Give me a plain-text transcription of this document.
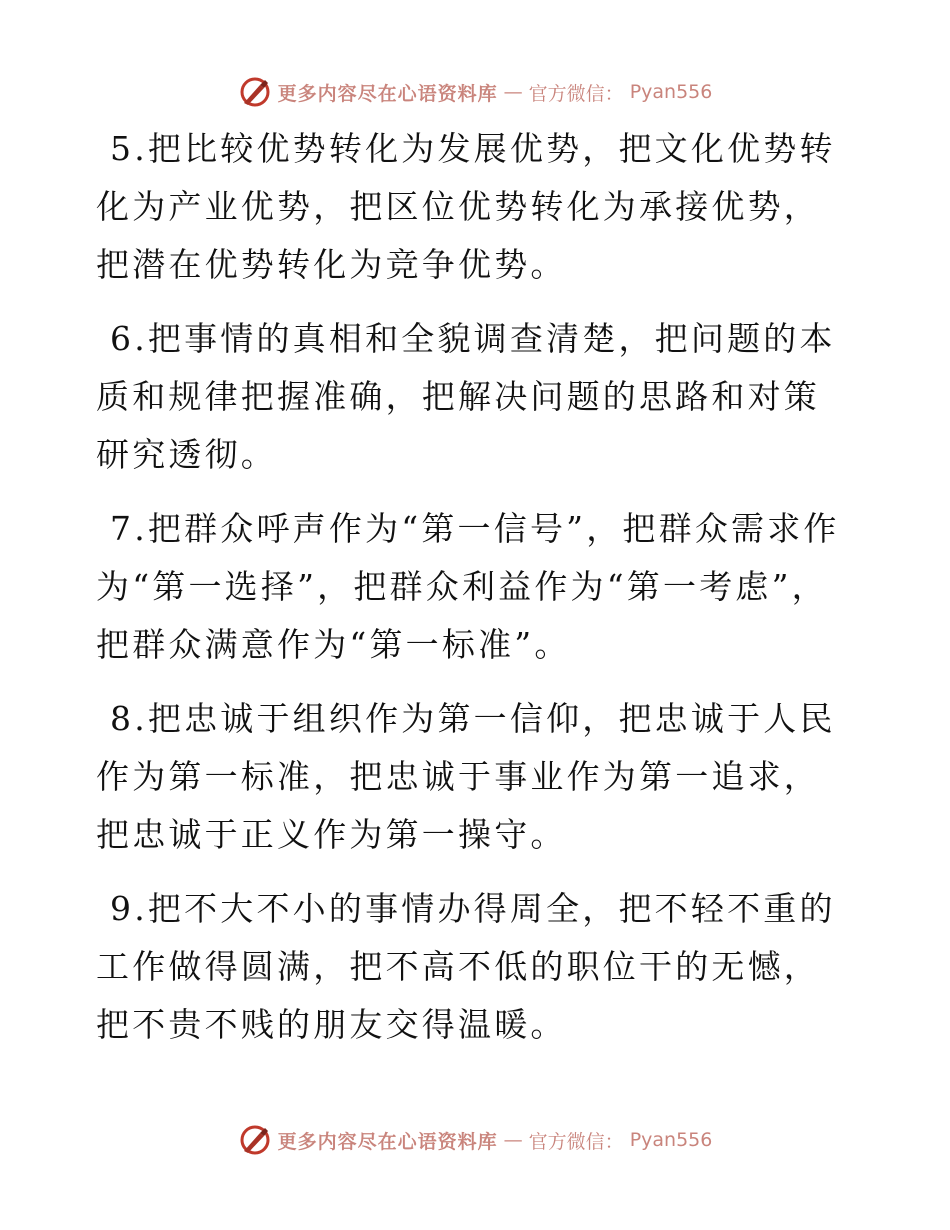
更多内容尽在心语资料库 — 官方微信： Pyan556

5.把比较优势转化为发展优势，把文化优势转化为产业优势，把区位优势转化为承接优势，把潜在优势转化为竞争优势。

6.把事情的真相和全貌调查清楚，把问题的本质和规律把握准确，把解决问题的思路和对策研究透彻。

7.把群众呼声作为“第一信号”，把群众需求作为“第一选择”，把群众利益作为“第一考虑”，把群众满意作为“第一标准”。

8.把忠诚于组织作为第一信仰，把忠诚于人民作为第一标准，把忠诚于事业作为第一追求，把忠诚于正义作为第一操守。

9.把不大不小的事情办得周全，把不轻不重的工作做得圆满，把不高不低的职位干的无憾，把不贵不贱的朋友交得温暖。

更多内容尽在心语资料库 — 官方微信： Pyan556
